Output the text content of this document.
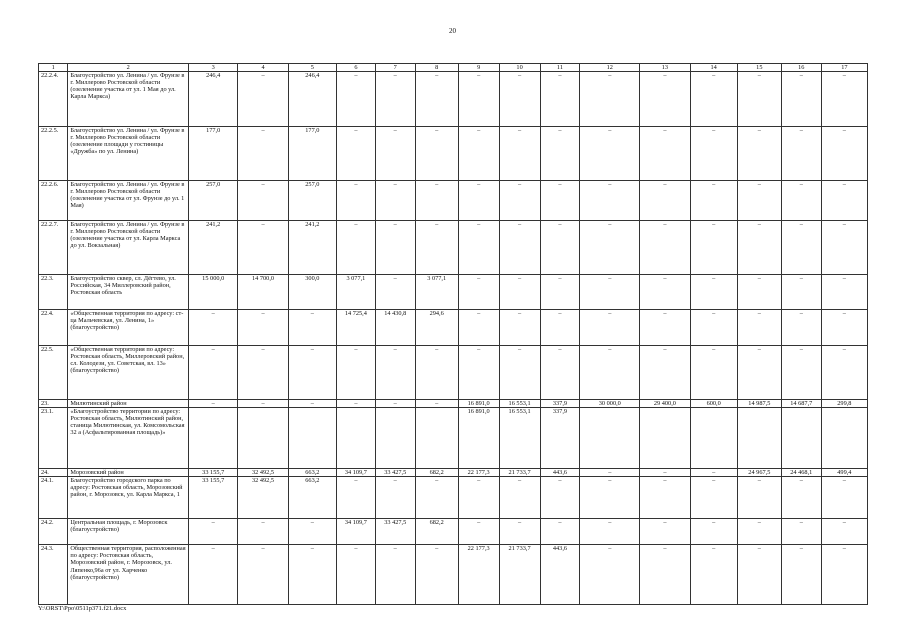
20
1	2	3	4	5	6	7	8	9	10	11	12	13	14	15	16	17
22.2.4.	Благоустройство ул. Ленина / ул. Фрунзе в г. Миллерово Ростовской области (озеленение участка от ул. 1 Мая до ул. Карла Маркса)	246,4	–	246,4	–	–	–	–	–	–	–	–	–	–	–	–
22.2.5.	Благоустройство ул. Ленина / ул. Фрунзе в г. Миллерово Ростовской области (озеленение площади у гостиницы «Дружба» по ул. Ленина)	177,0	–	177,0	–	–	–	–	–	–	–	–	–	–	–	–
22.2.6.	Благоустройство ул. Ленина / ул. Фрунзе в г. Миллерово Ростовской области (озеленение участка от ул. Фрунзе до ул. 1 Мая)	257,0	–	257,0	–	–	–	–	–	–	–	–	–	–	–	–
22.2.7.	Благоустройство ул. Ленина / ул. Фрунзе в г. Миллерово Ростовской области (озеленение участка от ул. Карла Маркса до ул. Вокзальная)	241,2	–	241,2	–	–	–	–	–	–	–	–	–	–	–	–
22.3.	Благоустройство сквер, сл. Дёгтево, ул. Российская, 34 Миллеровский район, Ростовская область	15 000,0	14 700,0	300,0	3 077,1	–	3 077,1	–	–	–	–	–	–	–	–	–
22.4.	«Общественная территория по адресу: ст-ца Мальчевская, ул. Ленина, 1» (благоустройство)	–	–	–	14 725,4	14 430,8	294,6	–	–	–	–	–	–	–	–	–
22.5.	«Общественная территория по адресу: Ростовская область, Миллеровский район, сл. Колодези, ул. Советская, вл. 13» (благоустройство)	–	–	–	–	–	–	–	–	–	–	–	–	–	–	–
23.	Милютинский район	–	–	–	–	–	–	16 891,0	16 553,1	337,9	30 000,0	29 400,0	600,0	14 987,5	14 687,7	299,8
23.1.	«Благоустройство территории по адресу: Ростовская область, Милютинский район, станица Милютинская, ул. Комсомольская 32 а (Асфальтированная площадь)»							16 891,0	16 553,1	337,9						
24.	Морозовский район	33 155,7	32 492,5	663,2	34 109,7	33 427,5	682,2	22 177,3	21 733,7	443,6	–	–	–	24 967,5	24 468,1	499,4
24.1.	Благоустройство городского парка по адресу: Ростовская область, Морозовский район, г. Морозовск, ул. Карла Маркса, 1	33 155,7	32 492,5	663,2	–	–	–	–	–	–	–	–	–	–	–	–
24.2.	Центральная площадь, г. Морозовск (благоустройство)	–	–	–	34 109,7	33 427,5	682,2	–	–	–	–	–	–	–	–	–
24.3.	Общественная территория, расположенная по адресу: Ростовская область, Морозовский район, г. Морозовск, ул. Ляпенко,96а от ул. Харченко (благоустройство)	–	–	–	–	–	–	22 177,3	21 733,7	443,6	–	–	–	–	–	–
Y:\ORST\Ppo\0511p371.f21.docx
